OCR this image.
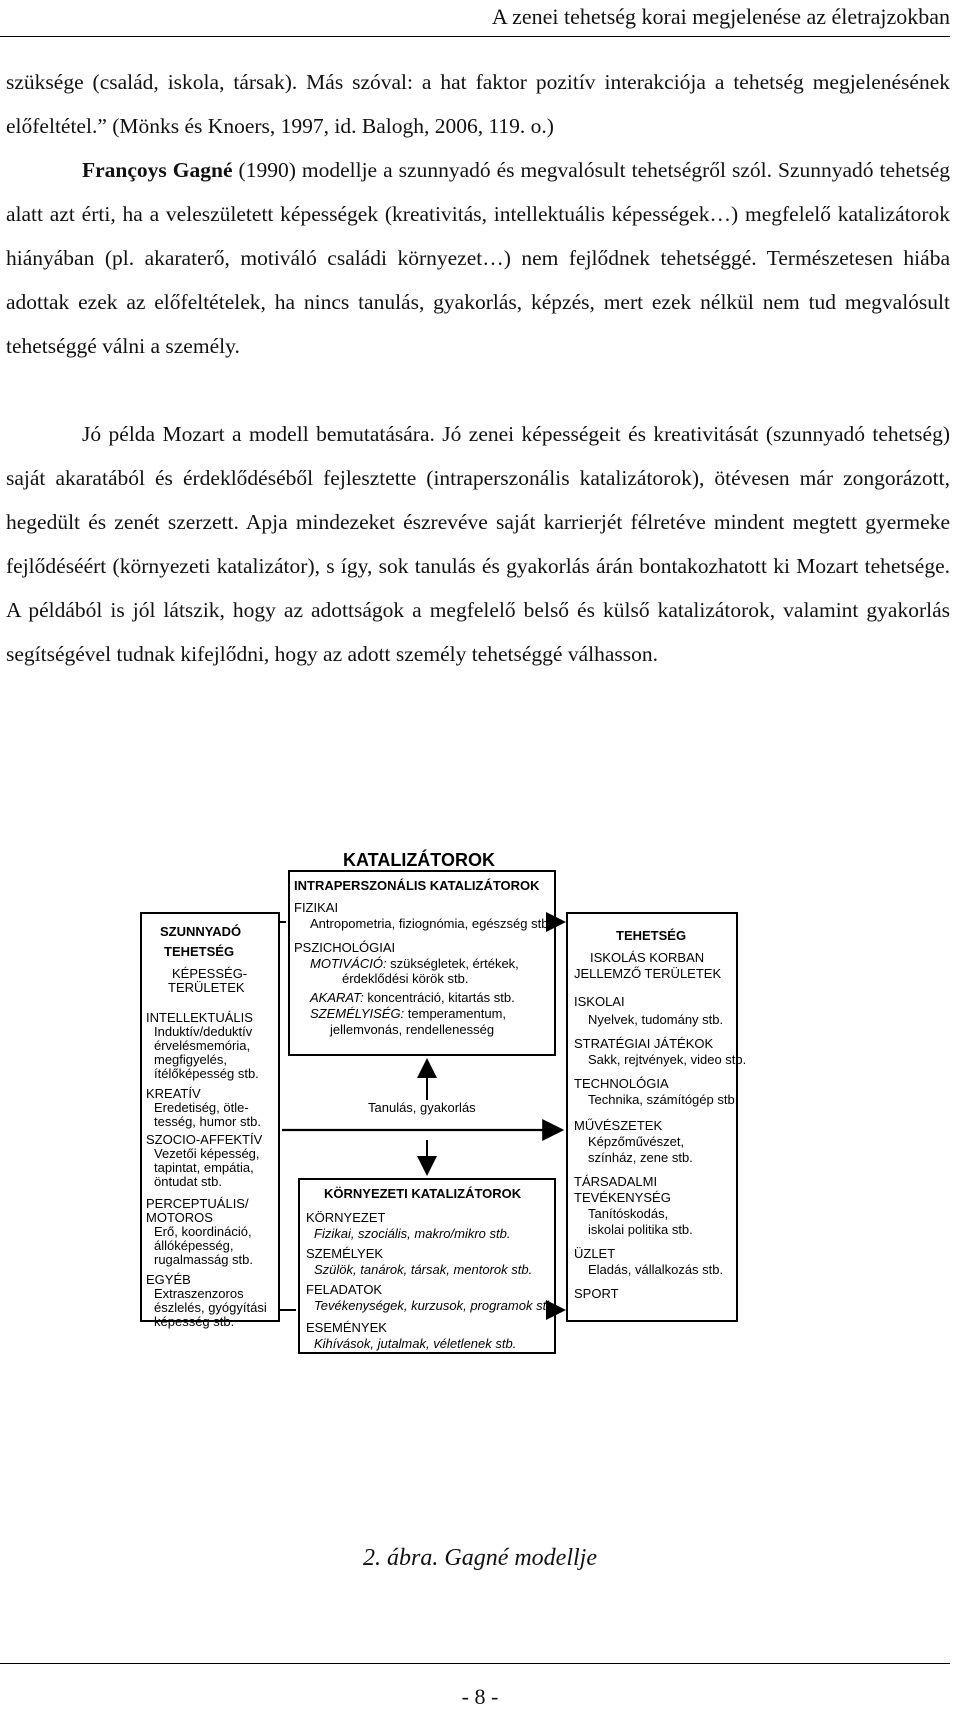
A zenei tehetség korai megjelenése az életrajzokban

szüksége (család, iskola, társak). Más szóval: a hat faktor pozitív interakciója a tehetség megjelenésének előfeltétel.” (Mönks és Knoers, 1997, id. Balogh, 2006, 119. o.)

Françoys Gagné (1990) modellje a szunnyadó és megvalósult tehetségről szól. Szunnyadó tehetség alatt azt érti, ha a veleszületett képességek (kreativitás, intellektuális képességek…) megfelelő katalizátorok hiányában (pl. akaraterő, motiváló családi környezet…) nem fejlődnek tehetséggé. Természetesen hiába adottak ezek az előfeltételek, ha nincs tanulás, gyakorlás, képzés, mert ezek nélkül nem tud megvalósult tehetséggé válni a személy.

Jó példa Mozart a modell bemutatására. Jó zenei képességeit és kreativitását (szunnyadó tehetség) saját akaratából és érdeklődéséből fejlesztette (intraperszonális katalizátorok), ötévesen már zongorázott, hegedült és zenét szerzett. Apja mindezeket észrevéve saját karrierjét félretéve mindent megtett gyermeke fejlődéséért (környezeti katalizátor), s így, sok tanulás és gyakorlás árán bontakozhatott ki Mozart tehetsége. A példából is jól látszik, hogy az adottságok a megfelelő belső és külső katalizátorok, valamint gyakorlás segítségével tudnak kifejlődni, hogy az adott személy tehetséggé válhasson.

KATALIZÁTOROK
SZUNNYADÓ
TEHETSÉG
KÉPESSÉG-
TERÜLETEK
INTELLEKTUÁLIS
Induktív/deduktív
érvelésmemória,
megfigyelés,
ítélőképesség stb.
KREATÍV
Eredetiség, ötle-
tesség, humor stb.
SZOCIO-AFFEKTÍV
Vezetői képesség,
tapintat, empátia,
öntudat stb.
PERCEPTUÁLIS/
MOTOROS
Erő, koordináció,
állóképesség,
rugalmasság stb.
EGYÉB
Extraszenzoros
észlelés, gyógyítási
képesség stb.
INTRAPERSZONÁLIS KATALIZÁTOROK
FIZIKAI
Antropometria, fiziognómia, egészség stb.
PSZICHOLÓGIAI
MOTIVÁCIÓ: szükségletek, értékek,
érdeklődési körök stb.
AKARAT: koncentráció, kitartás stb.
SZEMÉLYISÉG: temperamentum,
jellemvonás, rendellenesség
Tanulás, gyakorlás
KÖRNYEZETI KATALIZÁTOROK
KÖRNYEZET
Fizikai, szociális, makro/mikro stb.
SZEMÉLYEK
Szülök, tanárok, társak, mentorok stb.
FELADATOK
Tevékenységek, kurzusok, programok stb.
ESEMÉNYEK
Kihívások, jutalmak, véletlenek stb.
TEHETSÉG
ISKOLÁS KORBAN
JELLEMZŐ TERÜLETEK
ISKOLAI
Nyelvek, tudomány stb.
STRATÉGIAI JÁTÉKOK
Sakk, rejtvények, video stb.
TECHNOLÓGIA
Technika, számítógép stb.
MŰVÉSZETEK
Képzőművészet,
színház, zene stb.
TÁRSADALMI
TEVÉKENYSÉG
Tanítóskodás,
iskolai politika stb.
ÜZLET
Eladás, vállalkozás stb.
SPORT
2. ábra. Gagné modellje
- 8 -
